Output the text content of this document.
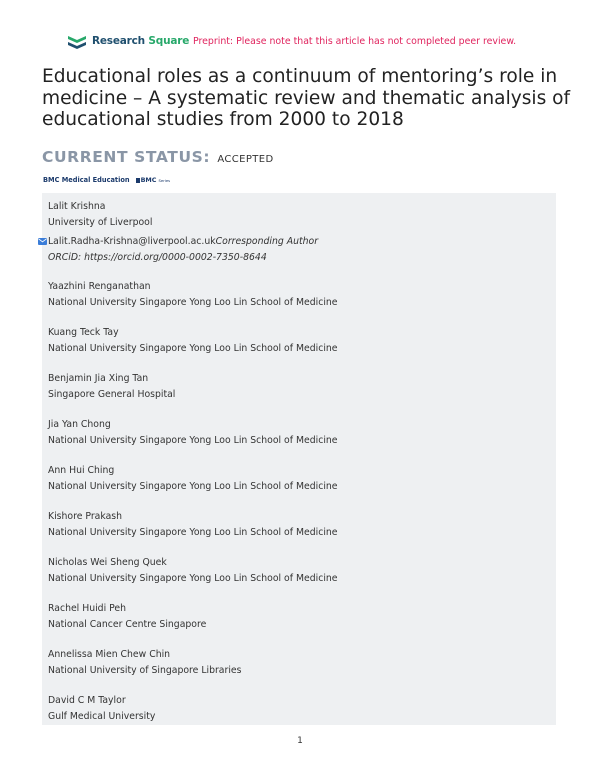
Research Square Preprint: Please note that this article has not completed peer review.
Educational roles as a continuum of mentoring’s role in medicine – A systematic review and thematic analysis of educational studies from 2000 to 2018
CURRENT STATUS: ACCEPTED
BMC Medical Education BMC Series
Lalit Krishna
University of Liverpool
Lalit.Radha-Krishna@liverpool.ac.uk Corresponding Author
ORCiD: https://orcid.org/0000-0002-7350-8644
Yaazhini Renganathan
National University Singapore Yong Loo Lin School of Medicine
Kuang Teck Tay
National University Singapore Yong Loo Lin School of Medicine
Benjamin Jia Xing Tan
Singapore General Hospital
Jia Yan Chong
National University Singapore Yong Loo Lin School of Medicine
Ann Hui Ching
National University Singapore Yong Loo Lin School of Medicine
Kishore Prakash
National University Singapore Yong Loo Lin School of Medicine
Nicholas Wei Sheng Quek
National University Singapore Yong Loo Lin School of Medicine
Rachel Huidi Peh
National Cancer Centre Singapore
Annelissa Mien Chew Chin
National University of Singapore Libraries
David C M Taylor
Gulf Medical University
1
